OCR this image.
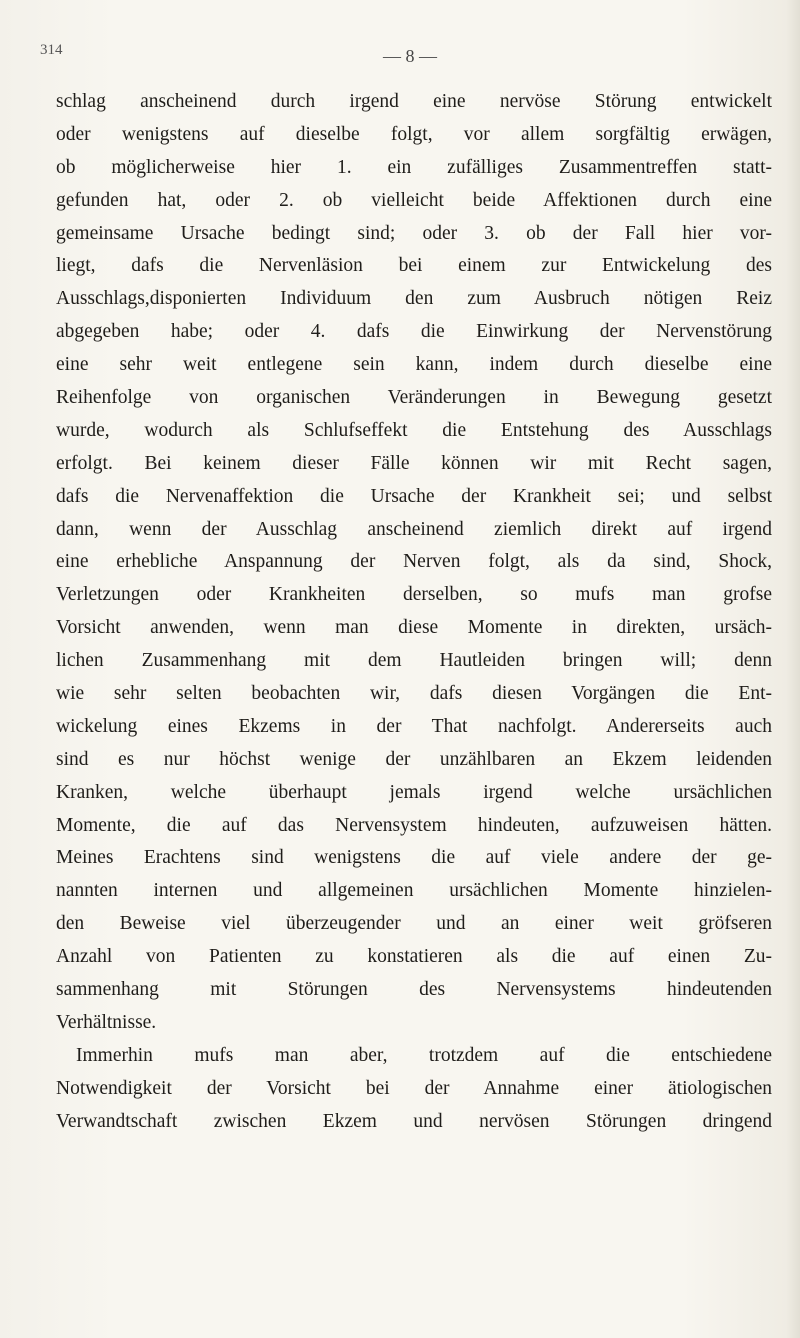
314	— 8 —
schlag anscheinend durch irgend eine nervöse Störung entwickelt
oder wenigstens auf dieselbe folgt, vor allem sorgfältig erwägen,
ob möglicherweise hier 1. ein zufälliges Zusammentreffen statt-
gefunden hat, oder 2. ob vielleicht beide Affektionen durch eine
gemeinsame Ursache bedingt sind; oder 3. ob der Fall hier vor-
liegt, dafs die Nervenläsion bei einem zur Entwickelung des
Ausschlags,disponierten Individuum den zum Ausbruch nötigen Reiz
abgegeben habe; oder 4. dafs die Einwirkung der Nervenstörung
eine sehr weit entlegene sein kann, indem durch dieselbe eine
Reihenfolge von organischen Veränderungen in Bewegung gesetzt
wurde, wodurch als Schlufseffekt die Entstehung des Ausschlags
erfolgt. Bei keinem dieser Fälle können wir mit Recht sagen,
dafs die Nervenaffektion die Ursache der Krankheit sei; und selbst
dann, wenn der Ausschlag anscheinend ziemlich direkt auf irgend
eine erhebliche Anspannung der Nerven folgt, als da sind, Shock,
Verletzungen oder Krankheiten derselben, so mufs man grofse
Vorsicht anwenden, wenn man diese Momente in direkten, ursäch-
lichen Zusammenhang mit dem Hautleiden bringen will; denn
wie sehr selten beobachten wir, dafs diesen Vorgängen die Ent-
wickelung eines Ekzems in der That nachfolgt. Andererseits auch
sind es nur höchst wenige der unzählbaren an Ekzem leidenden
Kranken, welche überhaupt jemals irgend welche ursächlichen
Momente, die auf das Nervensystem hindeuten, aufzuweisen hätten.
Meines Erachtens sind wenigstens die auf viele andere der ge-
nannten internen und allgemeinen ursächlichen Momente hinzielen-
den Beweise viel überzeugender und an einer weit gröfseren
Anzahl von Patienten zu konstatieren als die auf einen Zu-
sammenhang mit Störungen des Nervensystems hindeutenden
Verhältnisse.
Immerhin mufs man aber, trotzdem auf die entschiedene
Notwendigkeit der Vorsicht bei der Annahme einer ätiologischen
Verwandtschaft zwischen Ekzem und nervösen Störungen dringend
